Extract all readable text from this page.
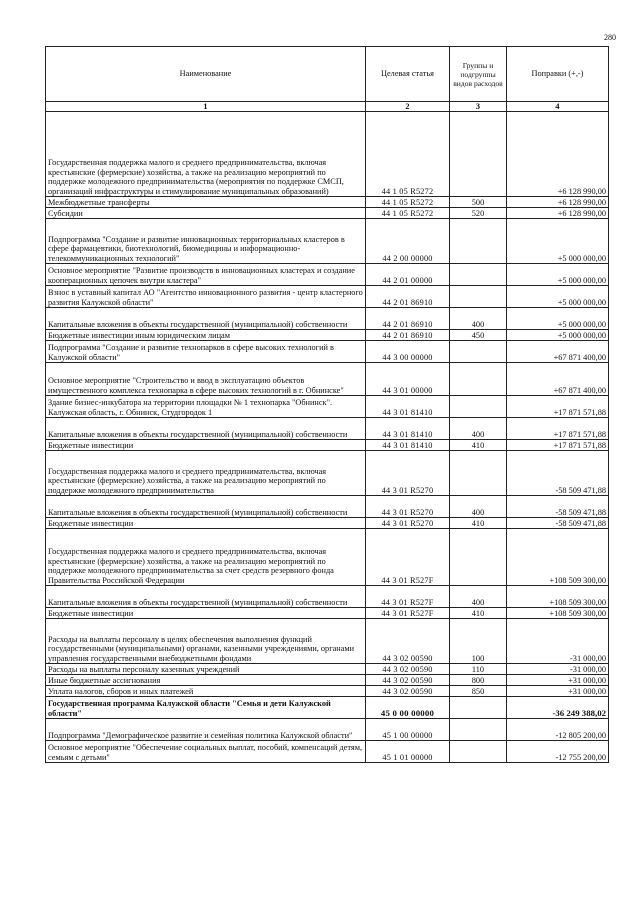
280
Наименование	Целевая статья	Группы и подгруппы видов расходов	Поправки (+,-)
1	2	3	4
Государственная поддержка малого и среднего предпринимательства, включая крестьянские (фермерские) хозяйства, а также на реализацию мероприятий по поддержке молодежного предпринимательства (мероприятия по поддержке СМСП, организаций инфраструктуры и стимулирование муниципальных образований)	44 1 05 R5272		+6 128 990,00
Межбюджетные трансферты	44 1 05 R5272	500	+6 128 990,00
Субсидии	44 1 05 R5272	520	+6 128 990,00
Подпрограмма "Создание и развитие инновационных территориальных кластеров в сфере фармацевтики, биотехнологий, биомедицины и информационно-телекоммуникационных технологий"	44 2 00 00000		+5 000 000,00
Основное мероприятие "Развитие производств в инновационных кластерах и создание кооперационных цепочек внутри кластера"	44 2 01 00000		+5 000 000,00
Взнос в уставный капитал АО "Агентство инновационного развития - центр кластерного развития Калужской области"	44 2 01 86910		+5 000 000,00
Капитальные вложения в объекты государственной (муниципальной) собственности	44 2 01 86910	400	+5 000 000,00
Бюджетные инвестиции иным юридическим лицам	44 2 01 86910	450	+5 000 000,00
Подпрограмма "Создание и развитие технопарков в сфере высоких технологий в Калужской области"	44 3 00 00000		+67 871 400,00
Основное мероприятие "Строительство и ввод в эксплуатацию объектов имущественного комплекса технопарка в сфере высоких технологий в г. Обнинске"	44 3 01 00000		+67 871 400,00
Здание бизнес-инкубатора на территории площадки № 1 технопарка "Обнинск". Калужская область, г. Обнинск, Студгородок 1	44 3 01 81410		+17 871 571,88
Капитальные вложения в объекты государственной (муниципальной) собственности	44 3 01 81410	400	+17 871 571,88
Бюджетные инвестиции	44 3 01 81410	410	+17 871 571,88
Государственная поддержка малого и среднего предпринимательства, включая крестьянские (фермерские) хозяйства, а также на реализацию мероприятий по поддержке молодежного предпринимательства	44 3 01 R5270		-58 509 471,88
Капитальные вложения в объекты государственной (муниципальной) собственности	44 3 01 R5270	400	-58 509 471,88
Бюджетные инвестиции	44 3 01 R5270	410	-58 509 471,88
Государственная поддержка малого и среднего предпринимательства, включая крестьянские (фермерские) хозяйства, а также на реализацию мероприятий по поддержке молодежного предпринимательства за счет средств резервного фонда Правительства Российской Федерации	44 3 01 R527F		+108 509 300,00
Капитальные вложения в объекты государственной (муниципальной) собственности	44 3 01 R527F	400	+108 509 300,00
Бюджетные инвестиции	44 3 01 R527F	410	+108 509 300,00
Расходы на выплаты персоналу в целях обеспечения выполнения функций государственными (муниципальными) органами, казенными учреждениями, органами управления государственными внебюджетными фондами	44 3 02 00590	100	-31 000,00
Расходы на выплаты персоналу казенных учреждений	44 3 02 00590	110	-31 000,00
Иные бюджетные ассигнования	44 3 02 00590	800	+31 000,00
Уплата налогов, сборов и иных платежей	44 3 02 00590	850	+31 000,00
Государственная программа Калужской области "Семья и дети Калужской области"	45 0 00 00000		-36 249 388,02
Подпрограмма "Демографическое развитие и семейная политика Калужской области"	45 1 00 00000		-12 805 200,00
Основное мероприятие "Обеспечение социальных выплат, пособий, компенсаций детям, семьям с детьми"	45 1 01 00000		-12 755 200,00
